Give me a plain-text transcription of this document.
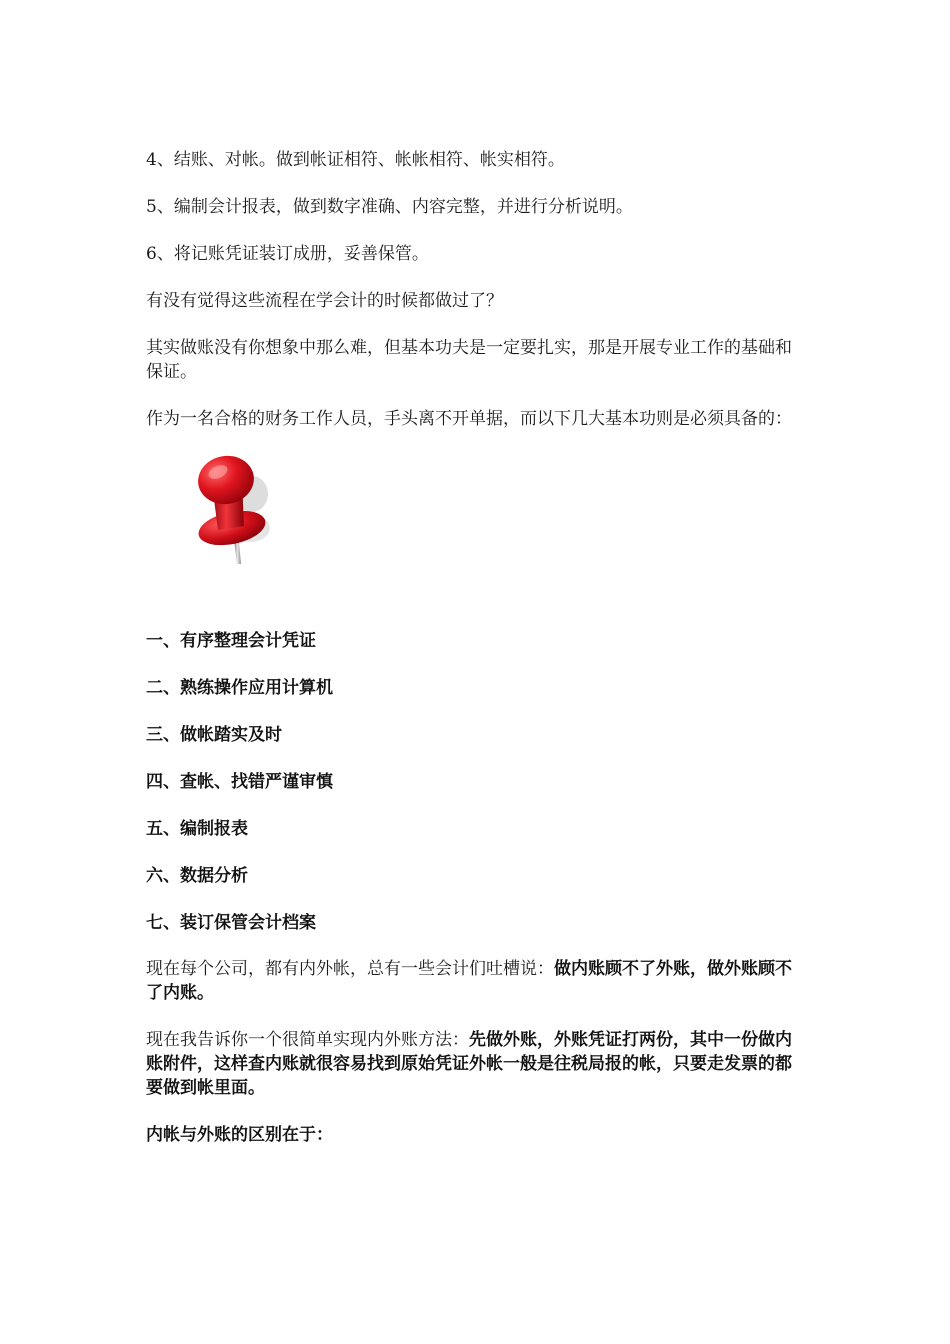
4、结账、对帐。做到帐证相符、帐帐相符、帐实相符。

5、编制会计报表，做到数字准确、内容完整，并进行分析说明。

6、将记账凭证装订成册，妥善保管。

有没有觉得这些流程在学会计的时候都做过了？

其实做账没有你想象中那么难，但基本功夫是一定要扎实，那是开展专业工作的基础和保证。

作为一名合格的财务工作人员，手头离不开单据，而以下几大基本功则是必须具备的：

一、有序整理会计凭证
二、熟练操作应用计算机
三、做帐踏实及时
四、查帐、找错严谨审慎
五、编制报表
六、数据分析
七、装订保管会计档案

现在每个公司，都有内外帐，总有一些会计们吐槽说：做内账顾不了外账，做外账顾不了内账。

现在我告诉你一个很简单实现内外账方法：先做外账，外账凭证打两份，其中一份做内账附件，这样查内账就很容易找到原始凭证外帐一般是往税局报的帐，只要走发票的都要做到帐里面。

内帐与外账的区别在于：
